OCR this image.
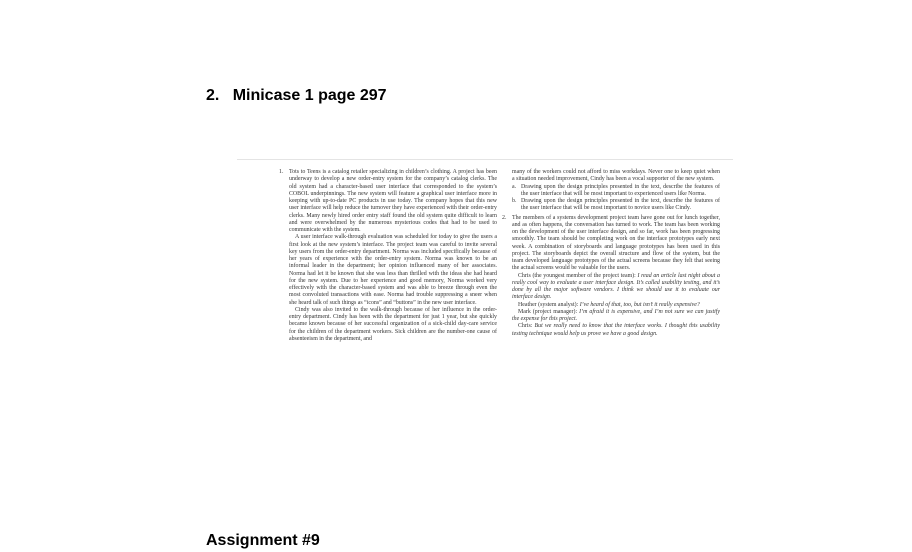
2. Minicase 1 page 297
1. Tots to Teens is a catalog retailer specializing in children’s clothing. A project has been underway to develop a new order-entry system for the company’s catalog clerks. The old system had a character-based user interface that corresponded to the system’s COBOL underpinnings. The new system will feature a graphical user interface more in keeping with up-to-date PC products in use today. The company hopes that this new user interface will help reduce the turnover they have experienced with their order-entry clerks. Many newly hired order entry staff found the old system quite difficult to learn and were overwhelmed by the numerous mysterious codes that had to be used to communicate with the system.

A user interface walk-through evaluation was scheduled for today to give the users a first look at the new system’s interface. The project team was careful to invite several key users from the order-entry department. Norma was included specifically because of her years of experience with the order-entry system. Norma was known to be an informal leader in the department; her opinion influenced many of her associates. Norma had let it be known that she was less than thrilled with the ideas she had heard for the new system. Due to her experience and good memory, Norma worked very effectively with the character-based system and was able to breeze through even the most convoluted transactions with ease. Norma had trouble suppressing a sneer when she heard talk of such things as “icons” and “buttons” in the new user interface.

Cindy was also invited to the walk-through because of her influence in the order-entry department. Cindy has been with the department for just 1 year, but she quickly became known because of her successful organization of a sick-child day-care service for the children of the department workers. Sick children are the number-one cause of absenteeism in the department, and

many of the workers could not afford to miss workdays. Never one to keep quiet when a situation needed improvement, Cindy has been a vocal supporter of the new system.

a. Drawing upon the design principles presented in the text, describe the features of the user interface that will be most important to experienced users like Norma.
b. Drawing upon the design principles presented in the text, describe the features of the user interface that will be most important to novice users like Cindy.
2. The members of a systems development project team have gone out for lunch together, and as often happens, the conversation has turned to work. The team has been working on the development of the user interface design, and so far, work has been progressing smoothly. The team should be completing work on the interface prototypes early next week. A combination of storyboards and language prototypes has been used in this project. The storyboards depict the overall structure and flow of the system, but the team developed language prototypes of the actual screens because they felt that seeing the actual screens would be valuable for the users.

Chris (the youngest member of the project team): I read an article last night about a really cool way to evaluate a user interface design. It’s called usability testing, and it’s done by all the major software vendors. I think we should use it to evaluate our interface design.

Heather (system analyst): I’ve heard of that, too, but isn’t it really expensive?

Mark (project manager): I’m afraid it is expensive, and I’m not sure we can justify the expense for this project.

Chris: But we really need to know that the interface works. I thought this usability testing technique would help us prove we have a good design.

Assignment #9
